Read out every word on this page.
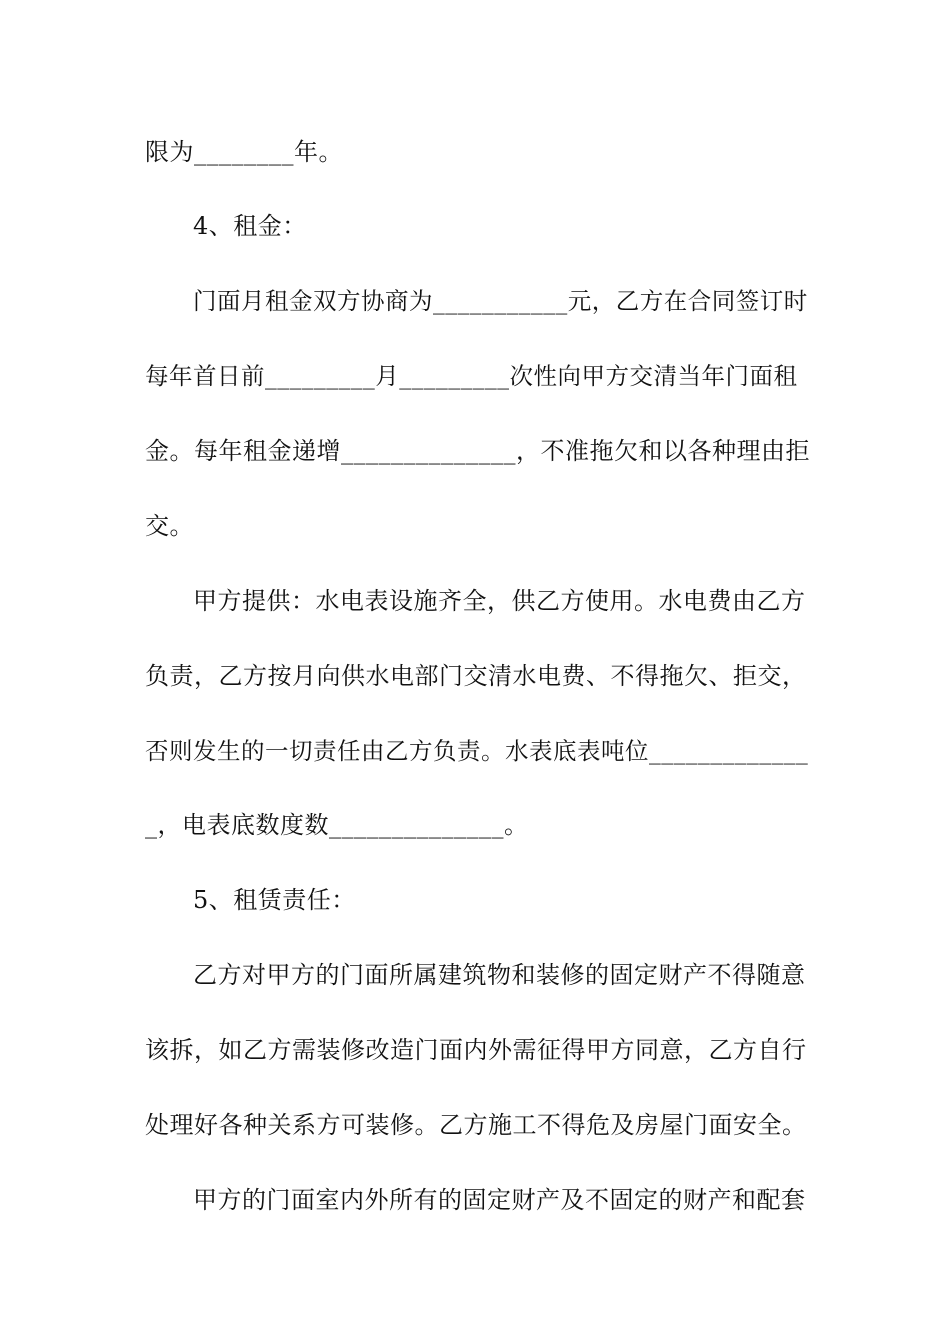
限为________年。
4、租金：
门面月租金双方协商为___________元，乙方在合同签订时
每年首日前_________月_________次性向甲方交清当年门面租
金。每年租金递增______________，不准拖欠和以各种理由拒
交。
甲方提供：水电表设施齐全，供乙方使用。水电费由乙方
负责，乙方按月向供水电部门交清水电费、不得拖欠、拒交，
否则发生的一切责任由乙方负责。水表底表吨位_____________
_，电表底数度数______________。
5、租赁责任：
乙方对甲方的门面所属建筑物和装修的固定财产不得随意
该拆，如乙方需装修改造门面内外需征得甲方同意，乙方自行
处理好各种关系方可装修。乙方施工不得危及房屋门面安全。
甲方的门面室内外所有的固定财产及不固定的财产和配套
